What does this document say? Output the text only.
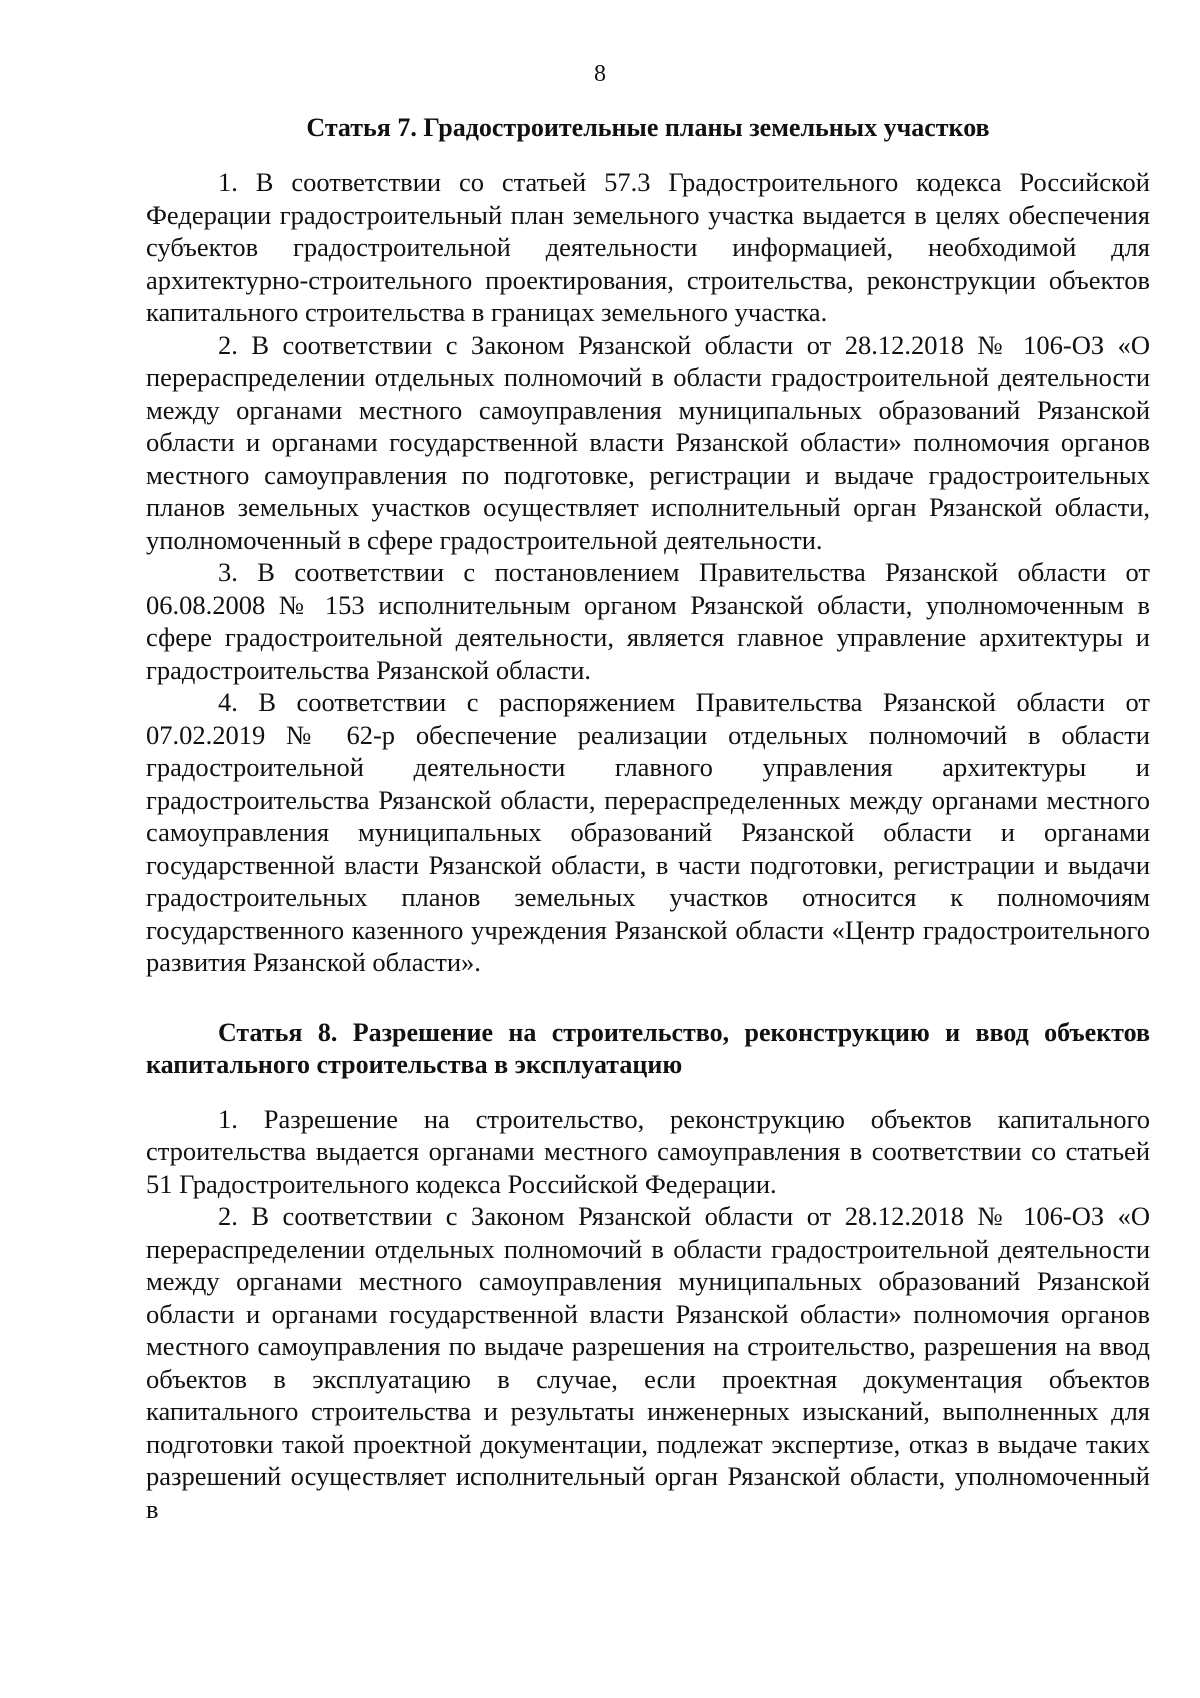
8

Статья 7. Градостроительные планы земельных участков

1. В соответствии со статьей 57.3 Градостроительного кодекса Российской Федерации градостроительный план земельного участка выдается в целях обеспечения субъектов градостроительной деятельности информацией, необходимой для архитектурно-строительного проектирования, строительства, реконструкции объектов капитального строительства в границах земельного участка.

2. В соответствии с Законом Рязанской области от 28.12.2018 № 106-ОЗ «О перераспределении отдельных полномочий в области градостроительной деятельности между органами местного самоуправления муниципальных образований Рязанской области и органами государственной власти Рязанской области» полномочия органов местного самоуправления по подготовке, регистрации и выдаче градостроительных планов земельных участков осуществляет исполнительный орган Рязанской области, уполномоченный в сфере градостроительной деятельности.

3. В соответствии с постановлением Правительства Рязанской области от 06.08.2008 № 153 исполнительным органом Рязанской области, уполномоченным в сфере градостроительной деятельности, является главное управление архитектуры и градостроительства Рязанской области.

4. В соответствии с распоряжением Правительства Рязанской области от 07.02.2019 № 62-р обеспечение реализации отдельных полномочий в области градостроительной деятельности главного управления архитектуры и градостроительства Рязанской области, перераспределенных между органами местного самоуправления муниципальных образований Рязанской области и органами государственной власти Рязанской области, в части подготовки, регистрации и выдачи градостроительных планов земельных участков относится к полномочиям государственного казенного учреждения Рязанской области «Центр градостроительного развития Рязанской области».

Статья 8. Разрешение на строительство, реконструкцию и ввод объектов капитального строительства в эксплуатацию

1. Разрешение на строительство, реконструкцию объектов капитального строительства выдается органами местного самоуправления в соответствии со статьей 51 Градостроительного кодекса Российской Федерации.

2. В соответствии с Законом Рязанской области от 28.12.2018 № 106-ОЗ «О перераспределении отдельных полномочий в области градостроительной деятельности между органами местного самоуправления муниципальных образований Рязанской области и органами государственной власти Рязанской области» полномочия органов местного самоуправления по выдаче разрешения на строительство, разрешения на ввод объектов в эксплуатацию в случае, если проектная документация объектов капитального строительства и результаты инженерных изысканий, выполненных для подготовки такой проектной документации, подлежат экспертизе, отказ в выдаче таких разрешений осуществляет исполнительный орган Рязанской области, уполномоченный в
